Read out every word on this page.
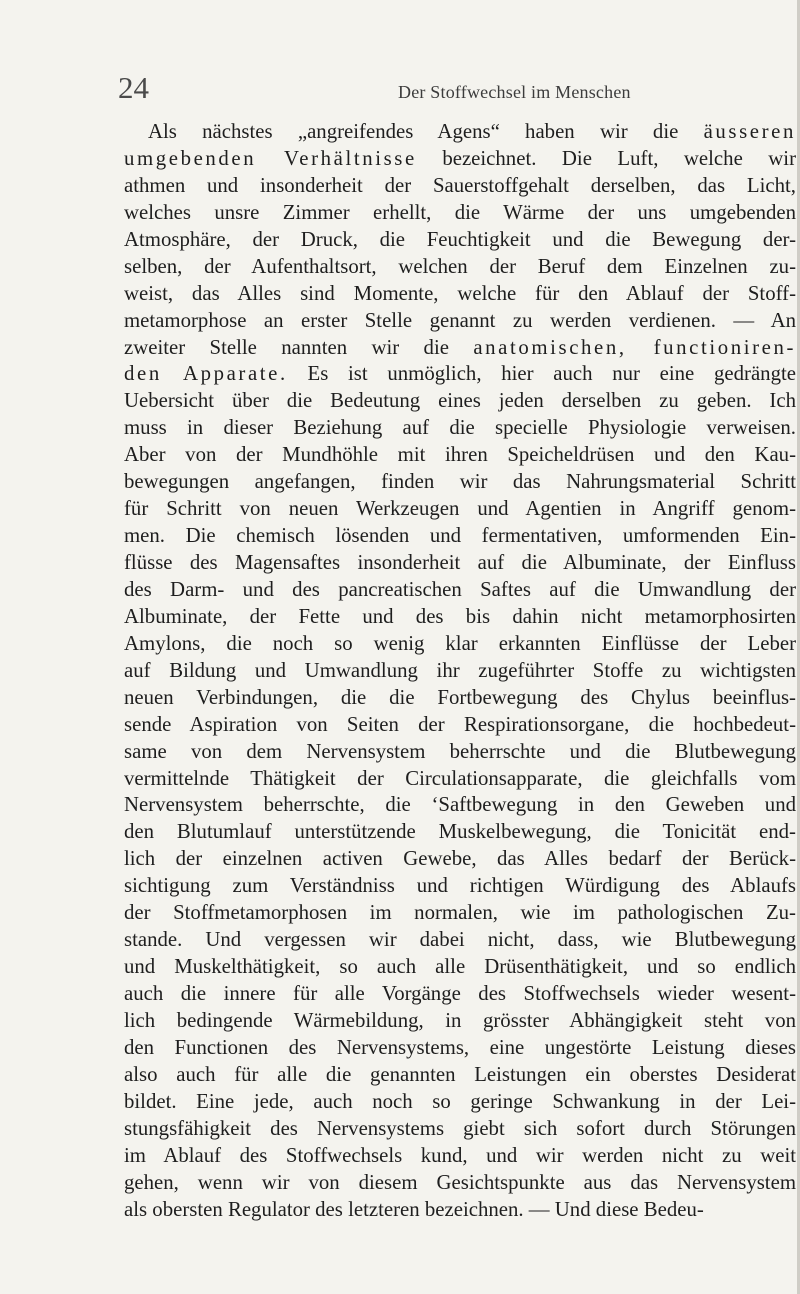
24	Der Stoffwechsel im Menschen
Als nächstes „angreifendes Agens“ haben wir die äusseren
umgebenden Verhältnisse bezeichnet. Die Luft, welche wir
athmen und insonderheit der Sauerstoffgehalt derselben, das Licht,
welches unsre Zimmer erhellt, die Wärme der uns umgebenden
Atmosphäre, der Druck, die Feuchtigkeit und die Bewegung der-
selben, der Aufenthaltsort, welchen der Beruf dem Einzelnen zu-
weist, das Alles sind Momente, welche für den Ablauf der Stoff-
metamorphose an erster Stelle genannt zu werden verdienen. — An
zweiter Stelle nannten wir die anatomischen, functioniren-
den Apparate. Es ist unmöglich, hier auch nur eine gedrängte
Uebersicht über die Bedeutung eines jeden derselben zu geben. Ich
muss in dieser Beziehung auf die specielle Physiologie verweisen.
Aber von der Mundhöhle mit ihren Speicheldrüsen und den Kau-
bewegungen angefangen, finden wir das Nahrungsmaterial Schritt
für Schritt von neuen Werkzeugen und Agentien in Angriff genom-
men. Die chemisch lösenden und fermentativen, umformenden Ein-
flüsse des Magensaftes insonderheit auf die Albuminate, der Einfluss
des Darm- und des pancreatischen Saftes auf die Umwandlung der
Albuminate, der Fette und des bis dahin nicht metamorphosirten
Amylons, die noch so wenig klar erkannten Einflüsse der Leber
auf Bildung und Umwandlung ihr zugeführter Stoffe zu wichtigsten
neuen Verbindungen, die die Fortbewegung des Chylus beeinflus-
sende Aspiration von Seiten der Respirationsorgane, die hochbedeut-
same von dem Nervensystem beherrschte und die Blutbewegung
vermittelnde Thätigkeit der Circulationsapparate, die gleichfalls vom
Nervensystem beherrschte, die ‘Saftbewegung in den Geweben und
den Blutumlauf unterstützende Muskelbewegung, die Tonicität end-
lich der einzelnen activen Gewebe, das Alles bedarf der Berück-
sichtigung zum Verständniss und richtigen Würdigung des Ablaufs
der Stoffmetamorphosen im normalen, wie im pathologischen Zu-
stande. Und vergessen wir dabei nicht, dass, wie Blutbewegung
und Muskelthätigkeit, so auch alle Drüsenthätigkeit, und so endlich
auch die innere für alle Vorgänge des Stoffwechsels wieder wesent-
lich bedingende Wärmebildung, in grösster Abhängigkeit steht von
den Functionen des Nervensystems, eine ungestörte Leistung dieses
also auch für alle die genannten Leistungen ein oberstes Desiderat
bildet. Eine jede, auch noch so geringe Schwankung in der Lei-
stungsfähigkeit des Nervensystems giebt sich sofort durch Störungen
im Ablauf des Stoffwechsels kund, und wir werden nicht zu weit
gehen, wenn wir von diesem Gesichtspunkte aus das Nervensystem
als obersten Regulator des letzteren bezeichnen. — Und diese Bedeu-
